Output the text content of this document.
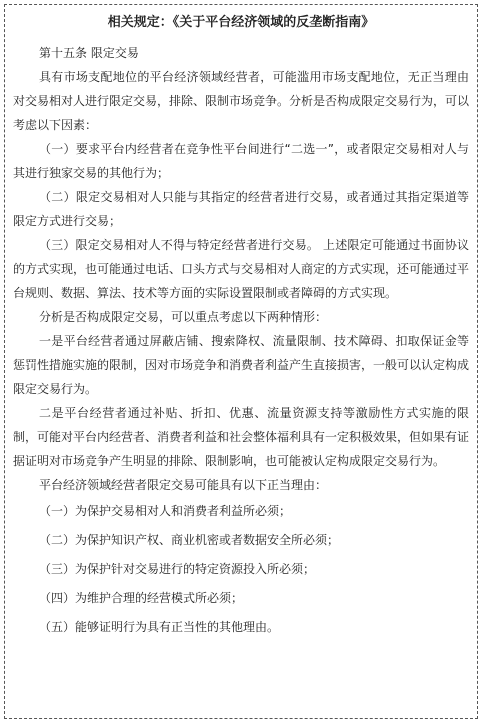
相关规定：《关于平台经济领域的反垄断指南》

第十五条 限定交易

具有市场支配地位的平台经济领域经营者，可能滥用市场支配地位，无正当理由对交易相对人进行限定交易，排除、限制市场竞争。分析是否构成限定交易行为，可以考虑以下因素：

（一）要求平台内经营者在竞争性平台间进行“二选一”，或者限定交易相对人与其进行独家交易的其他行为；

（二）限定交易相对人只能与其指定的经营者进行交易，或者通过其指定渠道等限定方式进行交易；

（三）限定交易相对人不得与特定经营者进行交易。 上述限定可能通过书面协议的方式实现，也可能通过电话、口头方式与交易相对人商定的方式实现，还可能通过平台规则、数据、算法、技术等方面的实际设置限制或者障碍的方式实现。

分析是否构成限定交易，可以重点考虑以下两种情形：

一是平台经营者通过屏蔽店铺、搜索降权、流量限制、技术障碍、扣取保证金等惩罚性措施实施的限制，因对市场竞争和消费者利益产生直接损害，一般可以认定构成限定交易行为。

二是平台经营者通过补贴、折扣、优惠、流量资源支持等激励性方式实施的限制，可能对平台内经营者、消费者利益和社会整体福利具有一定积极效果，但如果有证据证明对市场竞争产生明显的排除、限制影响，也可能被认定构成限定交易行为。

平台经济领域经营者限定交易可能具有以下正当理由：

（一）为保护交易相对人和消费者利益所必须；

（二）为保护知识产权、商业机密或者数据安全所必须；

（三）为保护针对交易进行的特定资源投入所必须；

（四）为维护合理的经营模式所必须；

（五）能够证明行为具有正当性的其他理由。
